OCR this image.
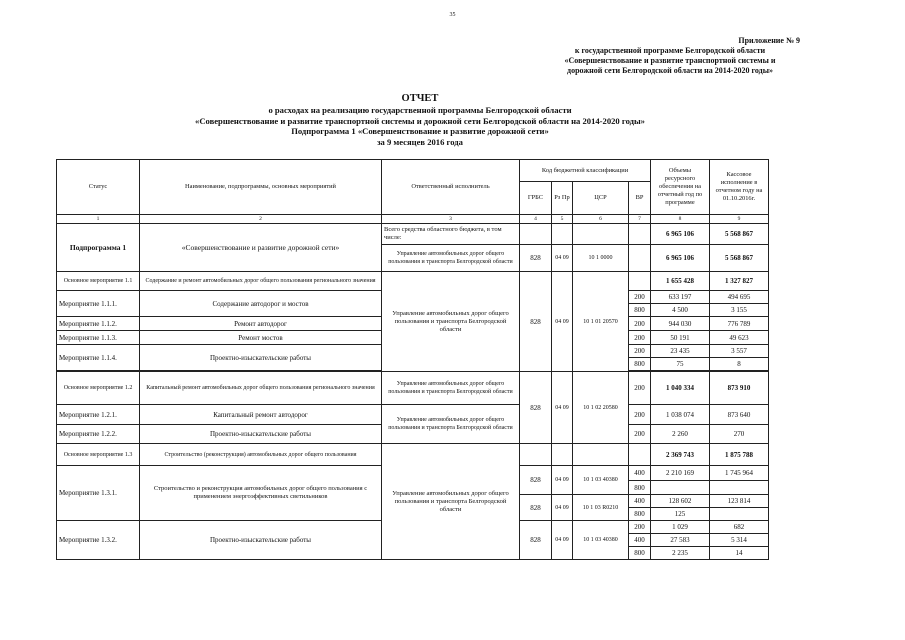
35
Приложение № 9
к государственной программе Белгородской области
«Совершенствование и развитие транспортной системы и
дорожной сети Белгородской области на 2014-2020 годы»
ОТЧЕТ
о расходах на реализацию государственной программы Белгородской области
«Совершенствование и развитие транспортной системы и дорожной сети Белгородской области на 2014-2020 годы»
Подпрограмма 1 «Совершенствование и развитие дорожной сети»
за 9 месяцев 2016 года
Статус	Наименование, подпрограммы, основных мероприятий	Ответственный исполнитель	Код бюджетной классификации				Объемы ресурсного обеспечения на отчетный год по программе	Кассовое исполнение в отчетном году на 01.10.2016г.
			ГРБС	Рз Пр	ЦСР	ВР		
1	2	3	4	5	6	7	8	9
Подпрограмма 1	«Совершенствование и развитие дорожной сети»	Всего средства областного бюджета, в том числе:					6 965 106	5 568 867
		Управление автомобильных дорог общего пользования и транспорта Белгородской области	828	04 09	10 1 0000		6 965 106	5 568 867
Основное мероприятие 1.1	Содержание и ремонт автомобильных дорог общего пользования регионального значения	Управление автомобильных дорог общего пользования и транспорта Белгородской области	828	04 09	10 1 01 20570		1 655 428	1 327 827
Мероприятие 1.1.1.	Содержание автодорог и мостов					200	633 197	494 695
						800	4 500	3 155
Мероприятие 1.1.2.	Ремонт автодорог					200	944 030	776 789
Мероприятие 1.1.3.	Ремонт мостов					200	50 191	49 623
Мероприятие 1.1.4.	Проектно-изыскательские работы					200	23 435	3 557
						800	75	8

Основное мероприятие 1.2	Капитальный ремонт автомобильных дорог общего пользования регионального значения	Управление автомобильных дорог общего пользования и транспорта Белгородской области	828	04 09	10 1 02 20580	200	1 040 334	873 910
Мероприятие 1.2.1.	Капитальный ремонт автодорог	Управление автомобильных дорог общего пользования и транспорта Белгородской области				200	1 038 074	873 640
Мероприятие 1.2.2.	Проектно-изыскательские работы					200	2 260	270
Основное мероприятие 1.3	Строительство (реконструкция) автомобильных дорог общего пользования	Управление автомобильных дорог общего пользования и транспорта Белгородской области					2 369 743	1 875 788
Мероприятие 1.3.1.	Строительство и реконструкция автомобильных дорог общего пользования с применением энергоэффективных светильников		828	04 09	10 1 03 40380	400	2 210 169	1 745 964
						800		
			828	04 09	10 1 03 R0210	400	128 602	123 814
						800	125	
Мероприятие 1.3.2.	Проектно-изыскательские работы		828	04 09	10 1 03 40380	200	1 029	682
						400	27 583	5 314
						800	2 235	14
